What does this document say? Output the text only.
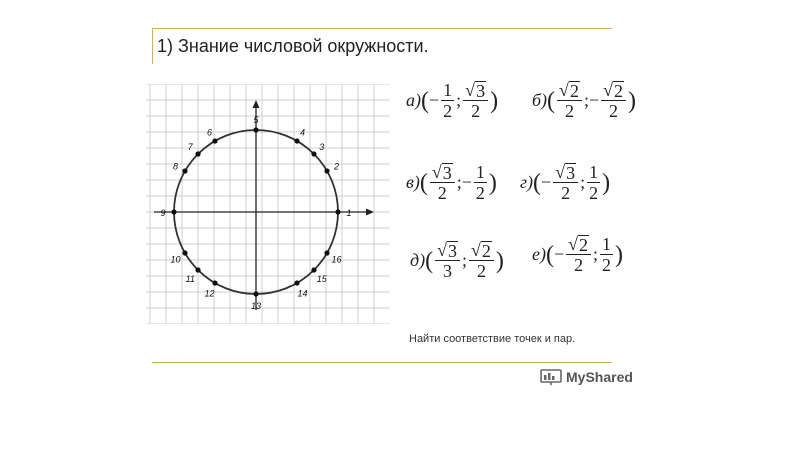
1) Знание числовой окружности.
1
2
3
4
5
6
7
8
9
10
11
12
13
14
15
16
а) ( − $\frac{1}{2}$ ; $\frac{√ 3}{2}$ ) б) ( $\frac{√ 2}{2}$ ; − $\frac{√ 2}{2}$ )
в) ( $\frac{√ 3}{2}$ ; − $\frac{1}{2}$ ) г) ( − $\frac{√ 3}{2}$ ; $\frac{1}{2}$ )
д) ( $\frac{√ 3}{3}$ ; $\frac{√ 2}{2}$ ) е) ( − $\frac{√ 2}{2}$ ; $\frac{1}{2}$ )
Найти соответствие точек и пар.
MyShared
